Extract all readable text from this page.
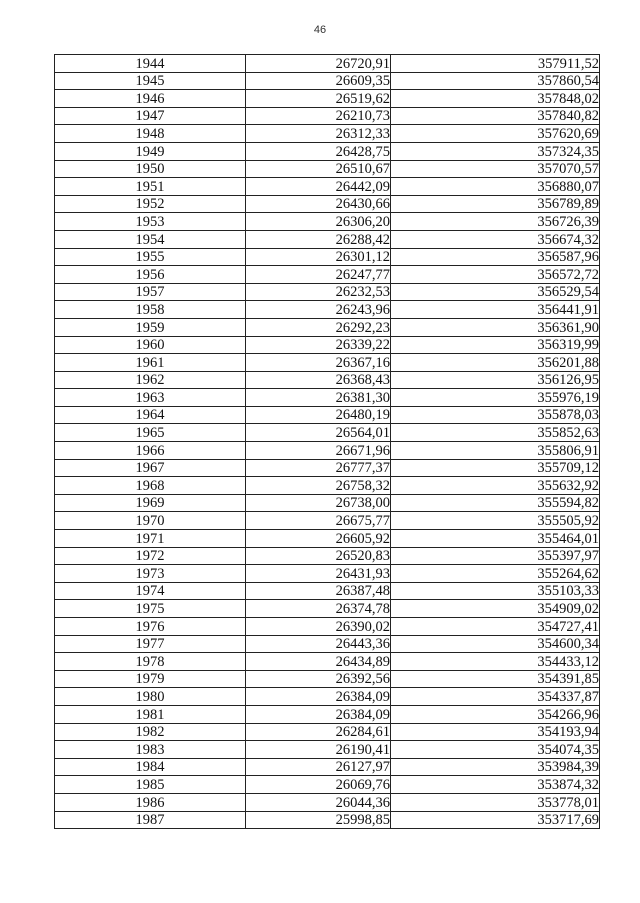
46
1944	26720,91	357911,52
1945	26609,35	357860,54
1946	26519,62	357848,02
1947	26210,73	357840,82
1948	26312,33	357620,69
1949	26428,75	357324,35
1950	26510,67	357070,57
1951	26442,09	356880,07
1952	26430,66	356789,89
1953	26306,20	356726,39
1954	26288,42	356674,32
1955	26301,12	356587,96
1956	26247,77	356572,72
1957	26232,53	356529,54
1958	26243,96	356441,91
1959	26292,23	356361,90
1960	26339,22	356319,99
1961	26367,16	356201,88
1962	26368,43	356126,95
1963	26381,30	355976,19
1964	26480,19	355878,03
1965	26564,01	355852,63
1966	26671,96	355806,91
1967	26777,37	355709,12
1968	26758,32	355632,92
1969	26738,00	355594,82
1970	26675,77	355505,92
1971	26605,92	355464,01
1972	26520,83	355397,97
1973	26431,93	355264,62
1974	26387,48	355103,33
1975	26374,78	354909,02
1976	26390,02	354727,41
1977	26443,36	354600,34
1978	26434,89	354433,12
1979	26392,56	354391,85
1980	26384,09	354337,87
1981	26384,09	354266,96
1982	26284,61	354193,94
1983	26190,41	354074,35
1984	26127,97	353984,39
1985	26069,76	353874,32
1986	26044,36	353778,01
1987	25998,85	353717,69
